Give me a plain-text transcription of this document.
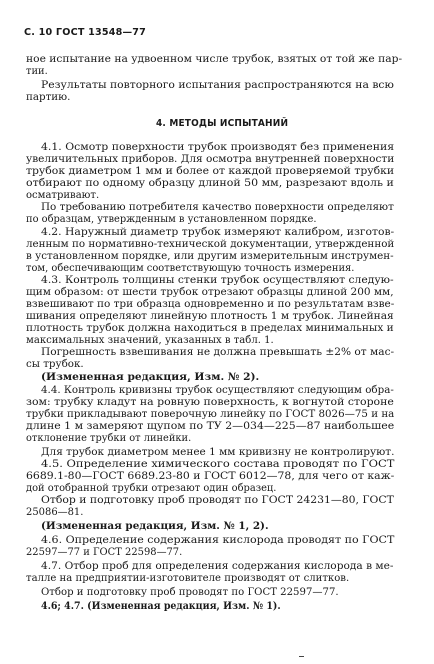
С. 10 ГОСТ 13548—77
ное испытание на удвоенном числе трубок, взятых от той же пар-
тии.
Результаты повторного испытания распространяются на всю
партию.
4. МЕТОДЫ ИСПЫТАНИЙ
4.1. Осмотр поверхности трубок производят без применения
увеличительных приборов. Для осмотра внутренней поверхности
трубок диаметром 1 мм и более от каждой проверяемой трубки
отбирают по одному образцу длиной 50 мм, разрезают вдоль и
осматривают.
По требованию потребителя качество поверхности определяют
по образцам, утвержденным в установленном порядке.
4.2. Наружный диаметр трубок измеряют калибром, изготов-
ленным по нормативно-технической документации, утвержденной
в установленном порядке, или другим измерительным инструмен-
том, обеспечивающим соответствующую точность измерения.
4.3. Контроль толщины стенки трубок осуществляют следую-
щим образом: от шести трубок отрезают образцы длиной 200 мм,
взвешивают по три образца одновременно и по результатам взве-
шивания определяют линейную плотность 1 м трубок. Линейная
плотность трубок должна находиться в пределах минимальных и
максимальных значений, указанных в табл. 1.
Погрешность взвешивания не должна превышать ±2% от мас-
сы трубок.
(Измененная редакция, Изм. № 2).
4.4. Контроль кривизны трубок осуществляют следующим обра-
зом: трубку кладут на ровную поверхность, к вогнутой стороне
трубки прикладывают поверочную линейку по ГОСТ 8026—75 и на
длине 1 м замеряют щупом по ТУ 2—034—225—87 наибольшее
отклонение трубки от линейки.
Для трубок диаметром менее 1 мм кривизну не контролируют.
4.5. Определение химического состава проводят по ГОСТ
6689.1-80—ГОСТ 6689.23-80 и ГОСТ 6012—78, для чего от каж-
дой отобранной трубки отрезают один образец.
Отбор и подготовку проб проводят по ГОСТ 24231—80, ГОСТ
25086—81.
(Измененная редакция, Изм. № 1, 2).
4.6. Определение содержания кислорода проводят по ГОСТ
22597—77 и ГОСТ 22598—77.
4.7. Отбор проб для определения содержания кислорода в ме-
талле на предприятии-изготовителе производят от слитков.
Отбор и подготовку проб проводят по ГОСТ 22597—77.
4.6; 4.7. (Измененная редакция, Изм. № 1).
